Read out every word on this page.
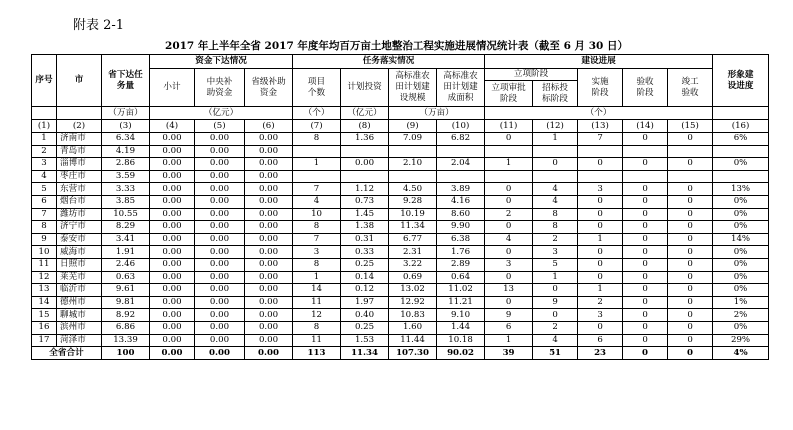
附表 2-1
2017 年上半年全省 2017 年度年均百万亩土地整治工程实施进展情况统计表（截至 6 月 30 日）
序号	市	省下达任务量	资金下达情况			任务落实情况				建设进展					形象建设进度
			小计	中央补助资金	省级补助资金	项目个数	计划投资	高标准农田计划建设规模	高标准农田计划建成面积	立项阶段		实施阶段	验收阶段	竣工验收	
										立项审批阶段	招标投标阶段				
		（万亩）	（亿元）			（个）	（亿元）	（万亩）		（个）					
(1)	(2)	(3)	(4)	(5)	(6)	(7)	(8)	(9)	(10)	(11)	(12)	(13)	(14)	(15)	(16)
1	济南市	6.34	0.00	0.00	0.00	8	1.36	7.09	6.82	0	1	7	0	0	6%
2	青岛市	4.19	0.00	0.00	0.00										
3	淄博市	2.86	0.00	0.00	0.00	1	0.00	2.10	2.04	1	0	0	0	0	0%
4	枣庄市	3.59	0.00	0.00	0.00										
5	东营市	3.33	0.00	0.00	0.00	7	1.12	4.50	3.89	0	4	3	0	0	13%
6	烟台市	3.85	0.00	0.00	0.00	4	0.73	9.28	4.16	0	4	0	0	0	0%
7	潍坊市	10.55	0.00	0.00	0.00	10	1.45	10.19	8.60	2	8	0	0	0	0%
8	济宁市	8.29	0.00	0.00	0.00	8	1.38	11.34	9.90	0	8	0	0	0	0%
9	泰安市	3.41	0.00	0.00	0.00	7	0.31	6.77	6.38	4	2	1	0	0	14%
10	威海市	1.91	0.00	0.00	0.00	3	0.33	2.31	1.76	0	3	0	0	0	0%
11	日照市	2.46	0.00	0.00	0.00	8	0.25	3.22	2.89	3	5	0	0	0	0%
12	莱芜市	0.63	0.00	0.00	0.00	1	0.14	0.69	0.64	0	1	0	0	0	0%
13	临沂市	9.61	0.00	0.00	0.00	14	0.12	13.02	11.02	13	0	1	0	0	0%
14	德州市	9.81	0.00	0.00	0.00	11	1.97	12.92	11.21	0	9	2	0	0	1%
15	聊城市	8.92	0.00	0.00	0.00	12	0.40	10.83	9.10	9	0	3	0	0	2%
16	滨州市	6.86	0.00	0.00	0.00	8	0.25	1.60	1.44	6	2	0	0	0	0%
17	菏泽市	13.39	0.00	0.00	0.00	11	1.53	11.44	10.18	1	4	6	0	0	29%
全省合计		100	0.00	0.00	0.00	113	11.34	107.30	90.02	39	51	23	0	0	4%
